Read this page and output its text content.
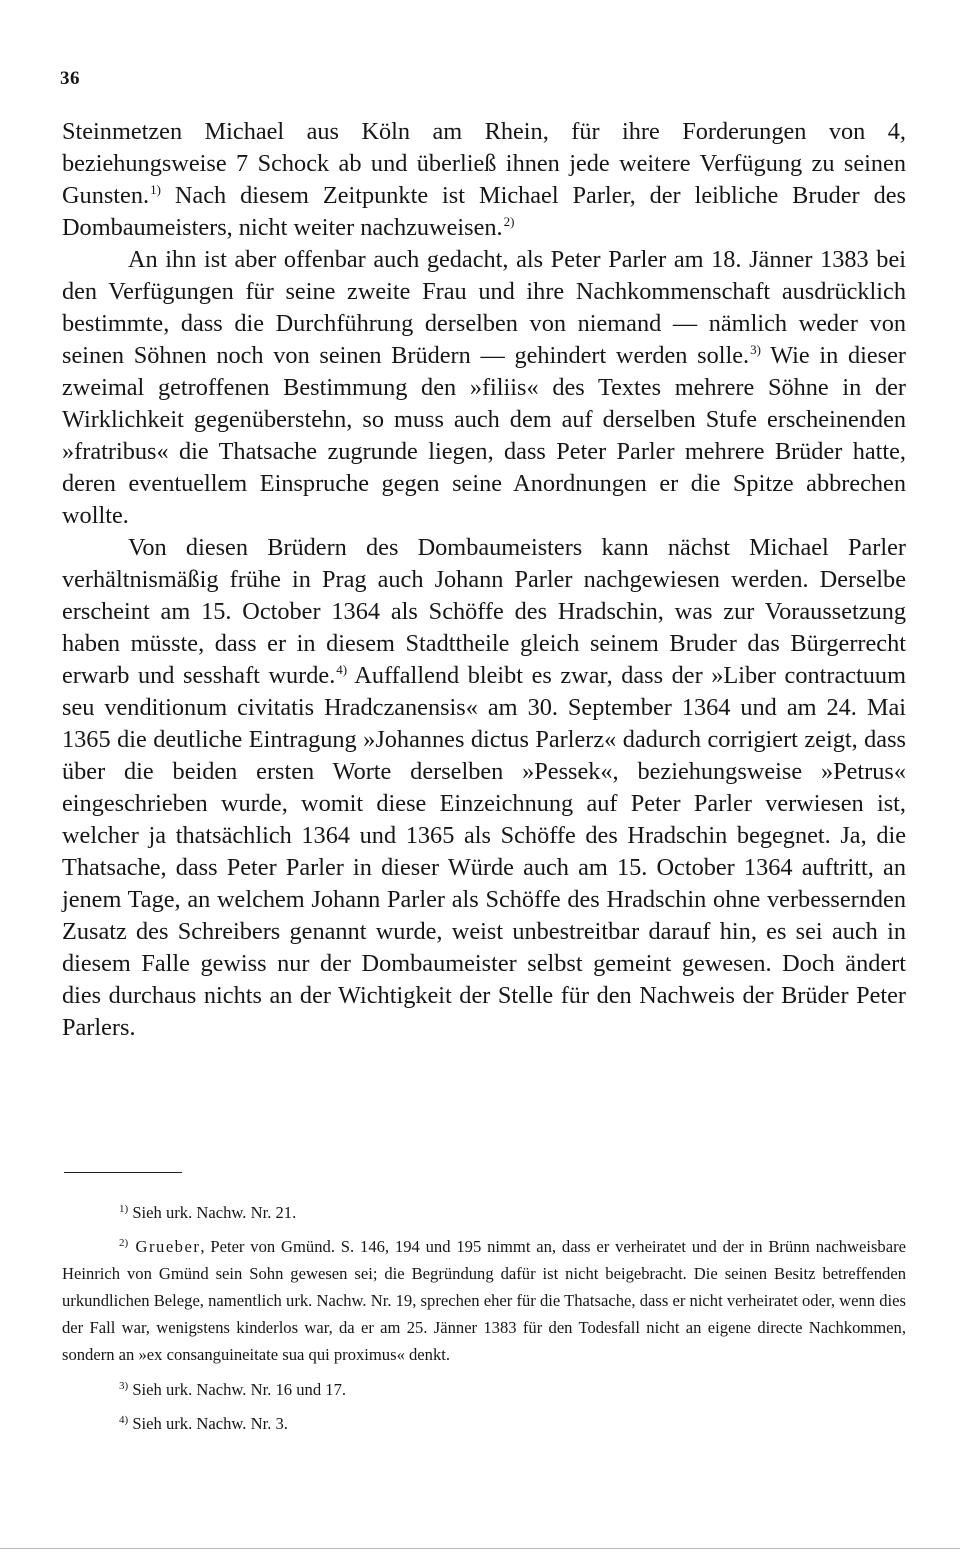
36

Steinmetzen Michael aus Köln am Rhein, für ihre Forderungen von 4, beziehungsweise 7 Schock ab und überließ ihnen jede weitere Verfügung zu seinen Gunsten.$^{1)}$ Nach diesem Zeitpunkte ist Michael Parler, der leibliche Bruder des Dombaumeisters, nicht weiter nachzuweisen.$^{2)}$

An ihn ist aber offenbar auch gedacht, als Peter Parler am 18. Jänner 1383 bei den Verfügungen für seine zweite Frau und ihre Nachkommenschaft ausdrücklich bestimmte, dass die Durchführung derselben von niemand — nämlich weder von seinen Söhnen noch von seinen Brüdern — gehindert werden solle.$^{3)}$ Wie in dieser zweimal getroffenen Bestimmung den »filiis« des Textes mehrere Söhne in der Wirklichkeit gegenüberstehn, so muss auch dem auf derselben Stufe erscheinenden »fratribus« die Thatsache zugrunde liegen, dass Peter Parler mehrere Brüder hatte, deren eventuellem Einspruche gegen seine Anordnungen er die Spitze abbrechen wollte.

Von diesen Brüdern des Dombaumeisters kann nächst Michael Parler verhältnismäßig frühe in Prag auch Johann Parler nachgewiesen werden. Derselbe erscheint am 15. October 1364 als Schöffe des Hradschin, was zur Voraussetzung haben müsste, dass er in diesem Stadttheile gleich seinem Bruder das Bürgerrecht erwarb und sesshaft wurde.$^{4)}$ Auffallend bleibt es zwar, dass der »Liber contractuum seu venditionum civitatis Hradczanensis« am 30. September 1364 und am 24. Mai 1365 die deutliche Eintragung »Johannes dictus Parlerz« dadurch corrigiert zeigt, dass über die beiden ersten Worte derselben »Pessek«, beziehungsweise »Petrus« eingeschrieben wurde, womit diese Einzeichnung auf Peter Parler verwiesen ist, welcher ja thatsächlich 1364 und 1365 als Schöffe des Hradschin begegnet. Ja, die Thatsache, dass Peter Parler in dieser Würde auch am 15. October 1364 auftritt, an jenem Tage, an welchem Johann Parler als Schöffe des Hradschin ohne verbessernden Zusatz des Schreibers genannt wurde, weist unbestreitbar darauf hin, es sei auch in diesem Falle gewiss nur der Dombaumeister selbst gemeint gewesen. Doch ändert dies durchaus nichts an der Wichtigkeit der Stelle für den Nachweis der Brüder Peter Parlers.

$^{1)}$ Sieh urk. Nachw. Nr. 21.

$^{2)}$ Grueber, Peter von Gmünd. S. 146, 194 und 195 nimmt an, dass er verheiratet und der in Brünn nachweisbare Heinrich von Gmünd sein Sohn gewesen sei; die Begründung dafür ist nicht beigebracht. Die seinen Besitz betreffenden urkundlichen Belege, namentlich urk. Nachw. Nr. 19, sprechen eher für die Thatsache, dass er nicht verheiratet oder, wenn dies der Fall war, wenigstens kinderlos war, da er am 25. Jänner 1383 für den Todesfall nicht an eigene directe Nachkommen, sondern an »ex consanguineitate sua qui proximus« denkt.

$^{3)}$ Sieh urk. Nachw. Nr. 16 und 17.

$^{4)}$ Sieh urk. Nachw. Nr. 3.
